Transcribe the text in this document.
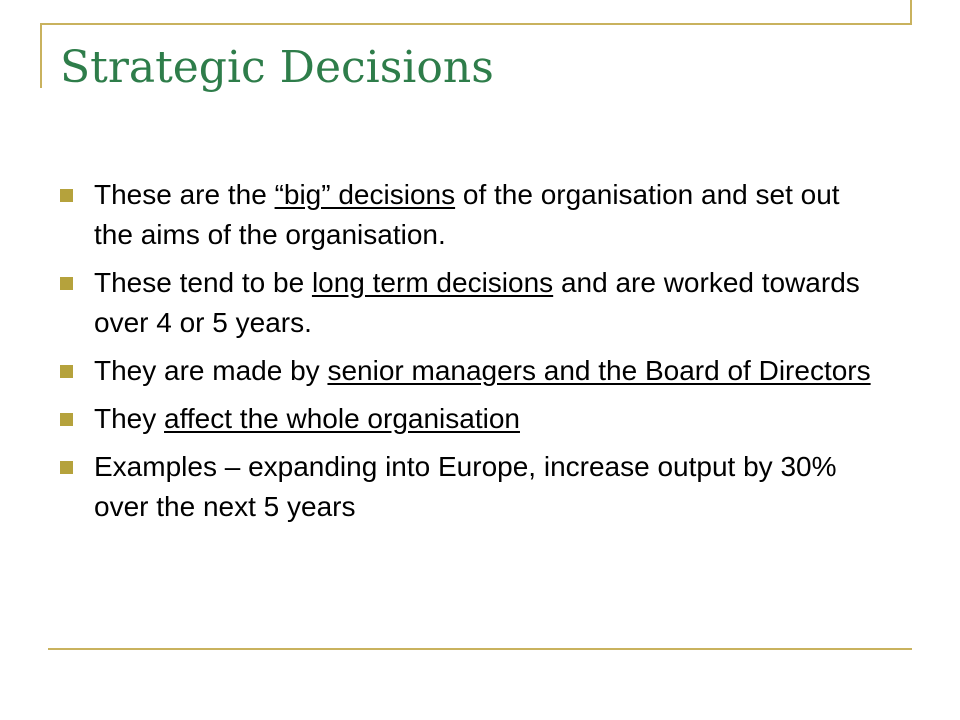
Strategic Decisions
These are the “big” decisions of the organisation and set out the aims of the organisation.
These tend to be long term decisions and are worked towards over 4 or 5 years.
They are made by senior managers and the Board of Directors
They affect the whole organisation
Examples – expanding into Europe, increase output by 30% over the next 5 years
